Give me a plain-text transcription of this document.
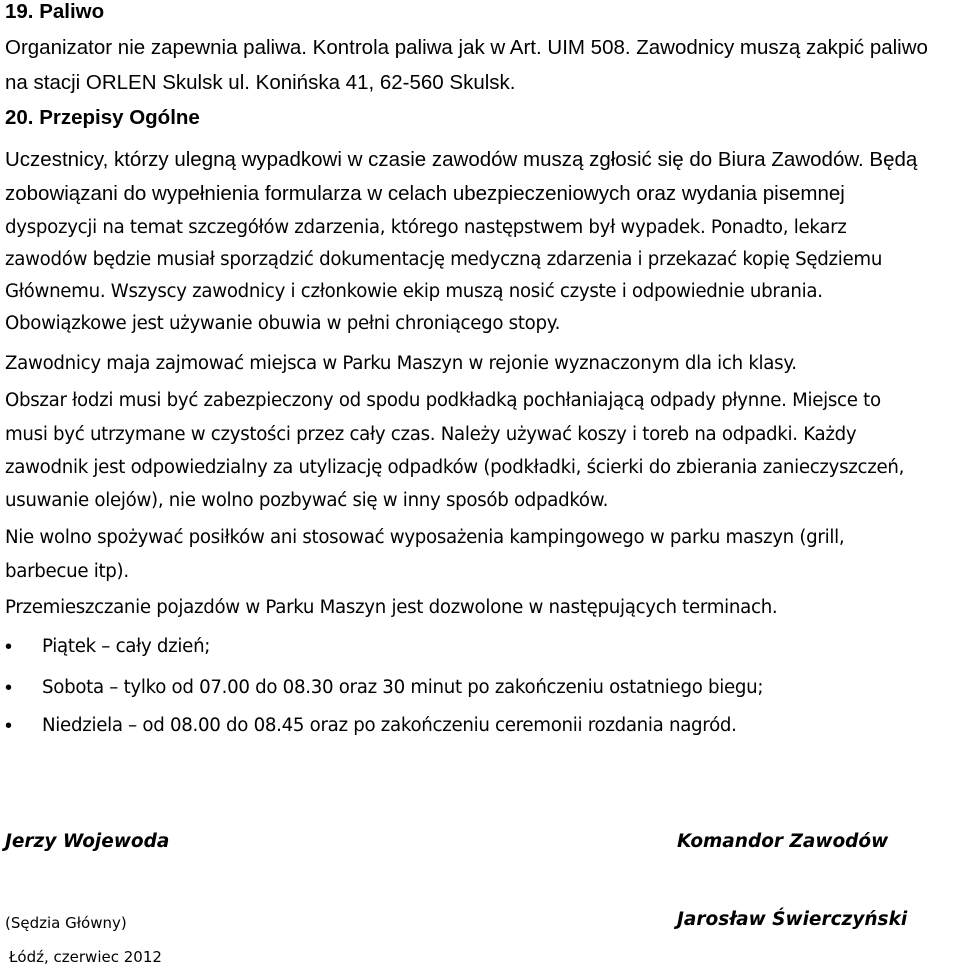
19. Paliwo
Organizator nie zapewnia paliwa. Kontrola paliwa jak w Art. UIM 508. Zawodnicy muszą zakpić paliwo
na stacji ORLEN Skulsk ul. Konińska 41, 62-560 Skulsk.
20. Przepisy Ogólne
Uczestnicy, którzy ulegną wypadkowi w czasie zawodów muszą zgłosić się do Biura Zawodów. Będą
zobowiązani do wypełnienia formularza w celach ubezpieczeniowych oraz wydania pisemnej
dyspozycji na temat szczegółów zdarzenia, którego następstwem był wypadek. Ponadto, lekarz
zawodów będzie musiał sporządzić dokumentację medyczną zdarzenia i przekazać kopię Sędziemu
Głównemu. Wszyscy zawodnicy i członkowie ekip muszą nosić czyste i odpowiednie ubrania.
Obowiązkowe jest używanie obuwia w pełni chroniącego stopy.
Zawodnicy maja zajmować miejsca w Parku Maszyn w rejonie wyznaczonym dla ich klasy.
Obszar łodzi musi być zabezpieczony od spodu podkładką pochłaniającą odpady płynne. Miejsce to
musi być utrzymane w czystości przez cały czas. Należy używać koszy i toreb na odpadki. Każdy
zawodnik jest odpowiedzialny za utylizację odpadków (podkładki, ścierki do zbierania zanieczyszczeń,
usuwanie olejów), nie wolno pozbywać się w inny sposób odpadków.
Nie wolno spożywać posiłków ani stosować wyposażenia kampingowego w parku maszyn (grill,
barbecue itp).
Przemieszczanie pojazdów w Parku Maszyn jest dozwolone w następujących terminach.
• Piątek – cały dzień;
• Sobota – tylko od 07.00 do 08.30 oraz 30 minut po zakończeniu ostatniego biegu;
• Niedziela – od 08.00 do 08.45 oraz po zakończeniu ceremonii rozdania nagród.
Jerzy Wojewoda	Komandor Zawodów
(Sędzia Główny)	Jarosław Świerczyński
Łódź, czerwiec 2012
